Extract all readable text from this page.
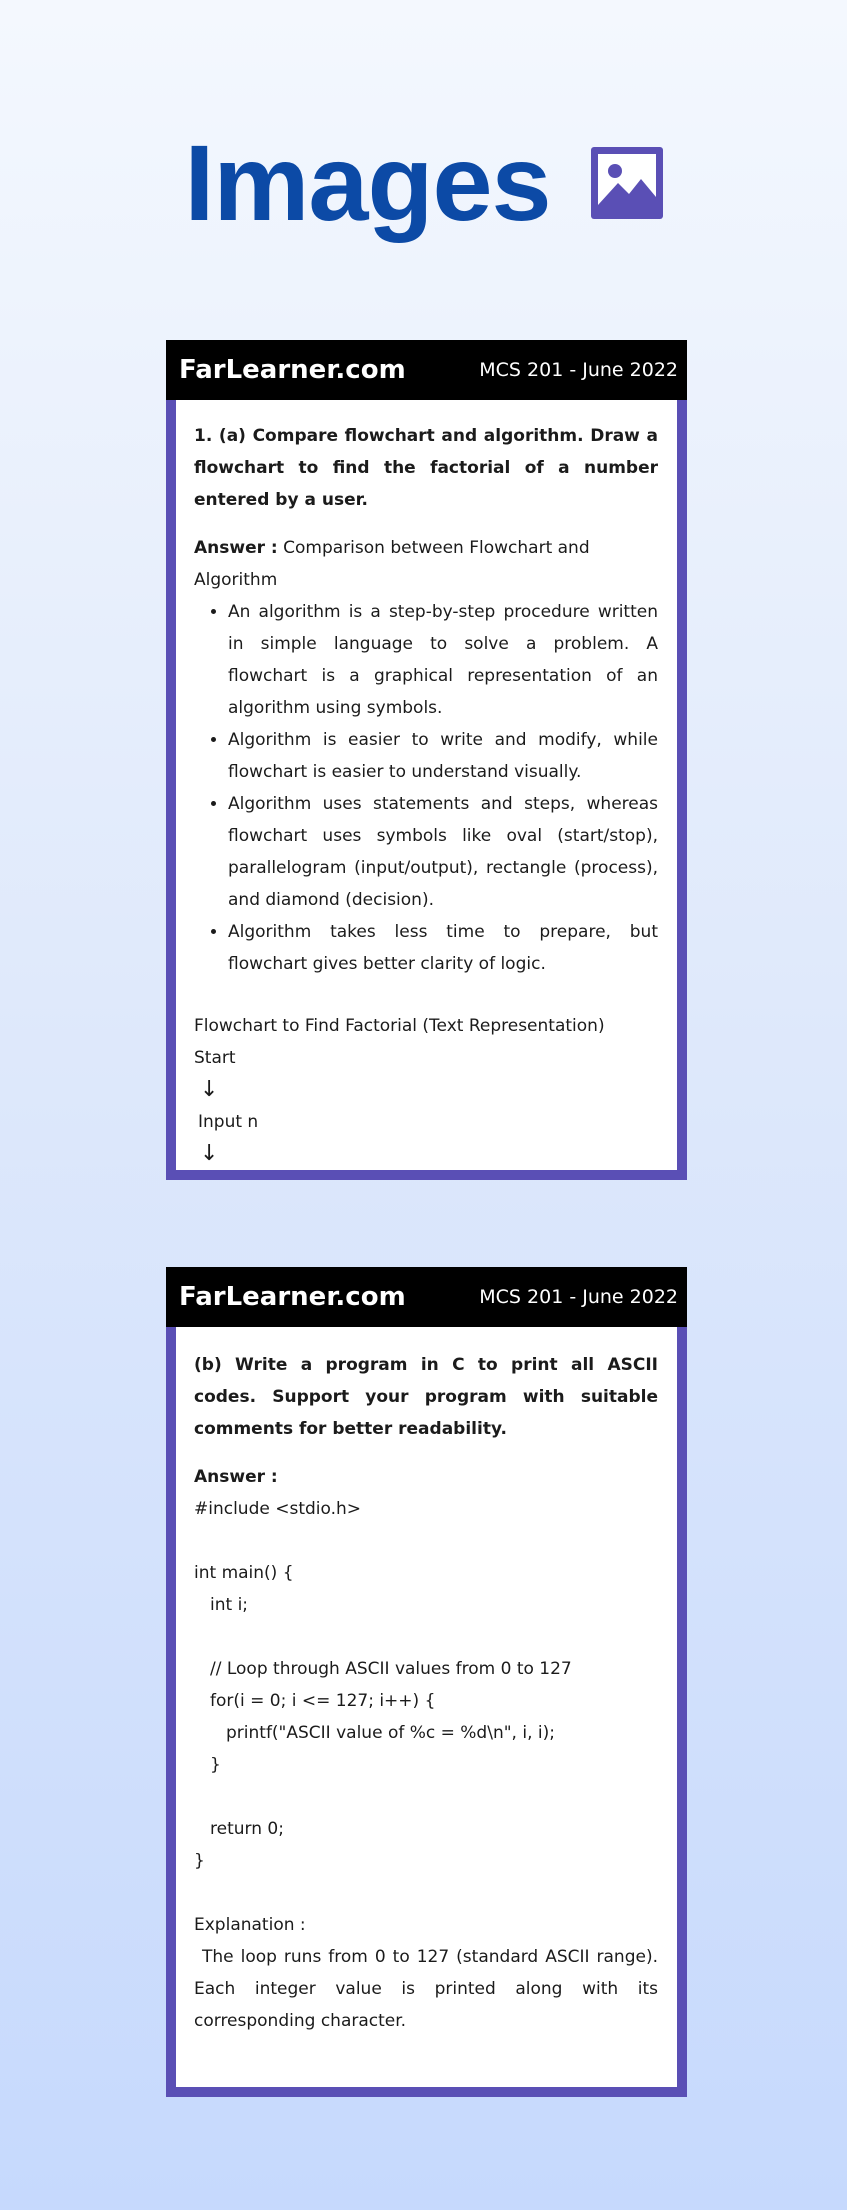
Images
FarLearner.com	MCS 201 - June 2022
1. (a) Compare flowchart and algorithm. Draw a flowchart to find the factorial of a number entered by a user.
Answer : Comparison between Flowchart and Algorithm
• An algorithm is a step-by-step procedure written in simple language to solve a problem. A flowchart is a graphical representation of an algorithm using symbols.
• Algorithm is easier to write and modify, while flowchart is easier to understand visually.
• Algorithm uses statements and steps, whereas flowchart uses symbols like oval (start/stop), parallelogram (input/output), rectangle (process), and diamond (decision).
• Algorithm takes less time to prepare, but flowchart gives better clarity of logic.
Flowchart to Find Factorial (Text Representation)
Start
↓
Input n
↓
FarLearner.com	MCS 201 - June 2022
(b) Write a program in C to print all ASCII codes. Support your program with suitable comments for better readability.
Answer :
#include <stdio.h>

int main() {
int i;

// Loop through ASCII values from 0 to 127
for(i = 0; i <= 127; i++) {
printf("ASCII value of %c = %d\n", i, i);
}

return 0;
}
Explanation :
The loop runs from 0 to 127 (standard ASCII range). Each integer value is printed along with its corresponding character.
